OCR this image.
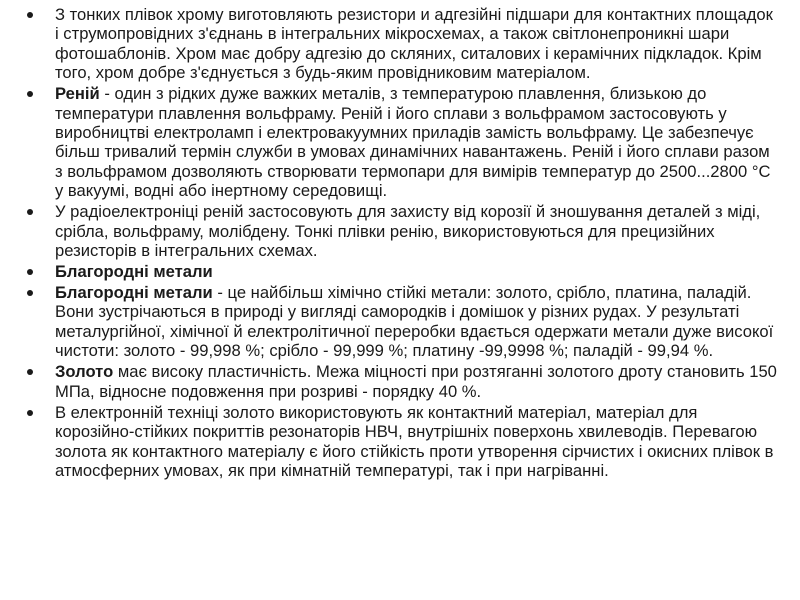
З тонких плівок хрому виготовляють резистори и адгезійні підшари для контактних площадок і струмопровідних з'єднань в інтегральних мікросхемах, а також світлонепроникні шари фотошаблонів. Хром має добру адгезію до скляних, ситалових і керамічних підкладок. Крім того, хром добре з'єднується з будь-яким провідниковим матеріалом.
Реній - один з рідких дуже важких металів, з температурою плавлення, близькою до температури плавлення вольфраму. Реній і його сплави з вольфрамом застосовують у виробництві електроламп і електровакуумних приладів замість вольфраму. Це забезпечує більш тривалий термін служби в умовах динамічних навантажень. Реній і його сплави разом з вольфрамом дозволяють створювати термопари для вимірів температур до 2500...2800 °С у вакуумі, водні або інертному середовищі.
У радіоелектроніці реній застосовують для захисту від корозії й зношування деталей з міді, срібла, вольфраму, молібдену. Тонкі плівки ренію, використовуються для прецизійних резисторів в інтегральних схемах.
Благородні метали
Благородні метали - це найбільш хімічно стійкі метали: золото, срібло, платина, паладій. Вони зустрічаються в природі у вигляді самородків і домішок у різних рудах. У результаті металургійної, хімічної й електролітичної переробки вдається одержати метали дуже високої чистоти: золото - 99,998 %; срібло - 99,999 %; платину -99,9998 %; паладій - 99,94 %.
Золото має високу пластичність. Межа міцності при розтяганні золотого дроту становить 150 МПа, відносне подовження при розриві - порядку 40 %.
В електронній техніці золото використовують як контактний матеріал, матеріал для корозійно-стійких покриттів резонаторів НВЧ, внутрішніх поверхонь хвилеводів. Перевагою золота як контактного матеріалу є його стійкість проти утворення сірчистих і окисних плівок в атмосферних умовах, як при кімнатній температурі, так і при нагріванні.
